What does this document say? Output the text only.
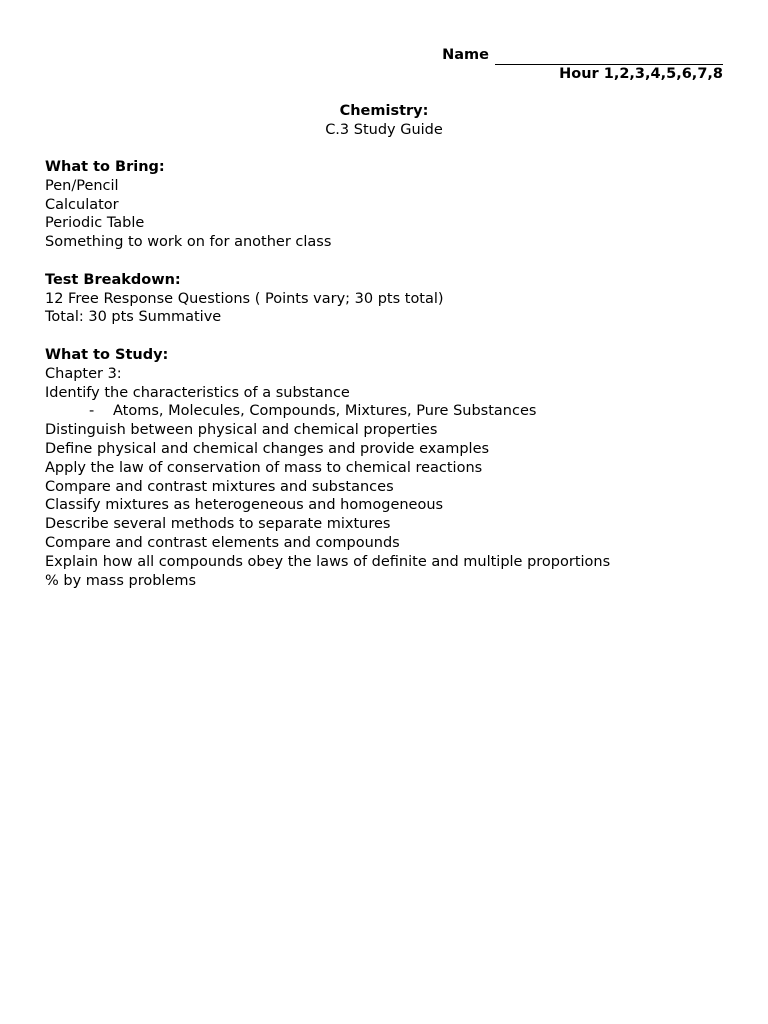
Name
Hour 1,2,3,4,5,6,7,8
Chemistry:
C.3 Study Guide
What to Bring:
Pen/Pencil
Calculator
Periodic Table
Something to work on for another class
Test Breakdown:
12 Free Response Questions ( Points vary; 30 pts total)
Total: 30 pts Summative
What to Study:
Chapter 3:
Identify the characteristics of a substance
- Atoms, Molecules, Compounds, Mixtures, Pure Substances
Distinguish between physical and chemical properties
Define physical and chemical changes and provide examples
Apply the law of conservation of mass to chemical reactions
Compare and contrast mixtures and substances
Classify mixtures as heterogeneous and homogeneous
Describe several methods to separate mixtures
Compare and contrast elements and compounds
Explain how all compounds obey the laws of definite and multiple proportions
% by mass problems
